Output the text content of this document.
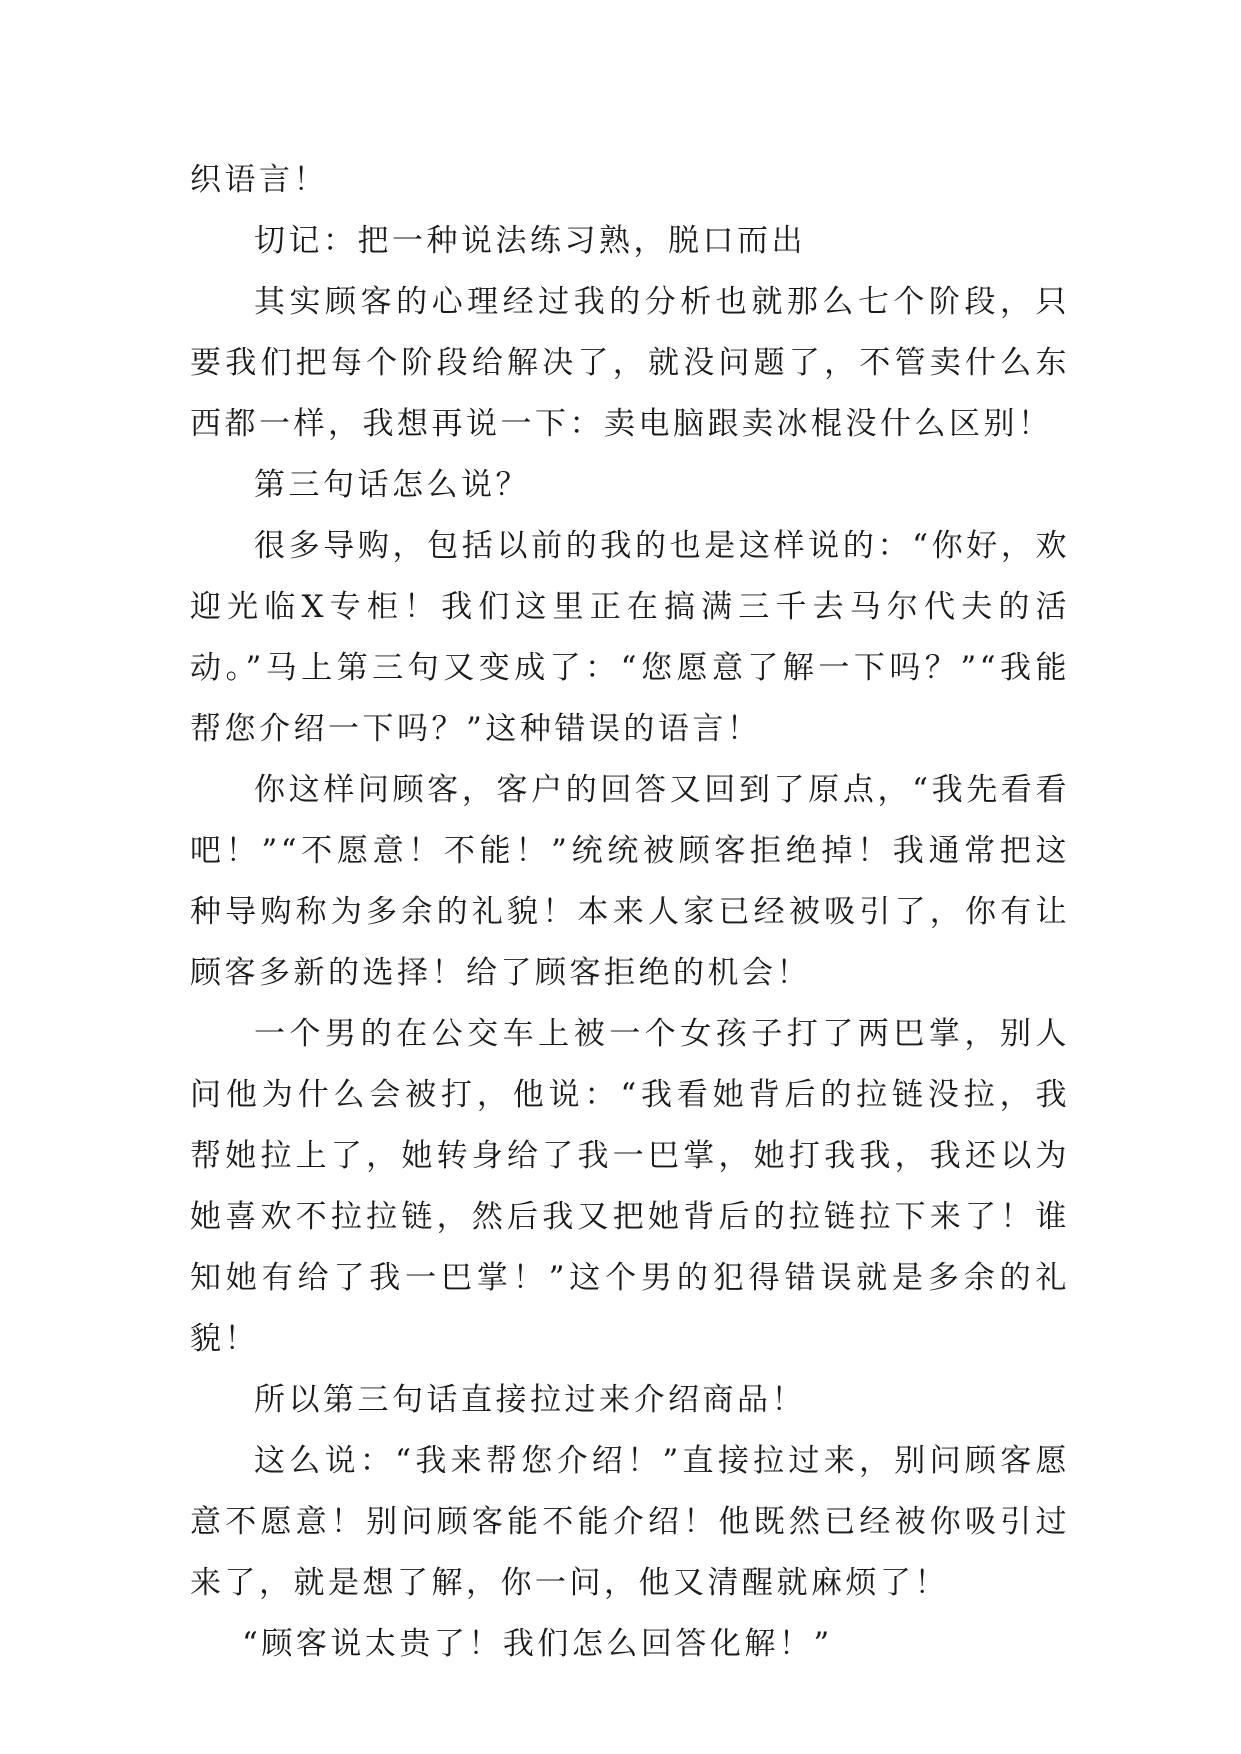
织语言！

切记：把一种说法练习熟，脱口而出

其实顾客的心理经过我的分析也就那么七个阶段，只要我们把每个阶段给解决了，就没问题了，不管卖什么东西都一样，我想再说一下：卖电脑跟卖冰棍没什么区别！

第三句话怎么说？

很多导购，包括以前的我的也是这样说的：“你好，欢迎光临X专柜！我们这里正在搞满三千去马尔代夫的活动。”马上第三句又变成了：“您愿意了解一下吗？”“我能帮您介绍一下吗？”这种错误的语言！

你这样问顾客，客户的回答又回到了原点，“我先看看吧！”“不愿意！不能！”统统被顾客拒绝掉！我通常把这种导购称为多余的礼貌！本来人家已经被吸引了，你有让顾客多新的选择！给了顾客拒绝的机会！

一个男的在公交车上被一个女孩子打了两巴掌，别人问他为什么会被打，他说：“我看她背后的拉链没拉，我帮她拉上了，她转身给了我一巴掌，她打我我，我还以为她喜欢不拉拉链，然后我又把她背后的拉链拉下来了！谁知她有给了我一巴掌！”这个男的犯得错误就是多余的礼貌！

所以第三句话直接拉过来介绍商品！

这么说：“我来帮您介绍！”直接拉过来，别问顾客愿意不愿意！别问顾客能不能介绍！他既然已经被你吸引过来了，就是想了解，你一问，他又清醒就麻烦了！

“顾客说太贵了！我们怎么回答化解！”
